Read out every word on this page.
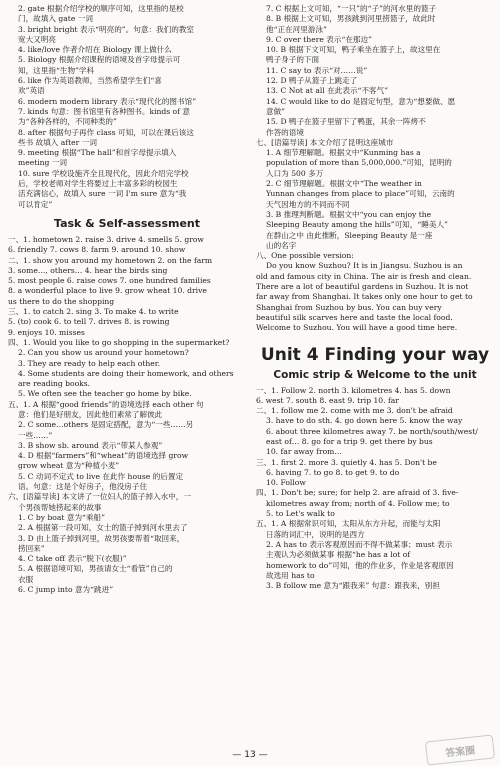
2. gate 根据介绍学校的顺序可知，这里指的是校
门，故填入 gate 一词
3. bright bright 表示“明亮的”。句意：我们的教室
宽大又明亮
4. like/love 作者介绍在 Biology 课上做什么
5. Biology 根据介绍课程的语境及首字母提示可
知，这里指“生物”学科
6. like 作为英语教师，当然希望学生们“喜
欢”英语
6. modern modern library 表示“现代化的图书馆”
7. kinds 句意：图书馆里有各种图书。kinds of 意
为“各种各样的，不同种类的”
8. after 根据句子再作 class 可知，可以在课后该这
些书 故填入 after 一词
9. meeting 根据“The hall”和首字母提示填入
meeting 一词
10. sure 学校设施齐全且现代化，因此介绍完学校
后，学校老师对学生将要过上丰富多彩的校园生
活充满信心，故填入 sure 一词 I'm sure 意为“我
可以肯定”
Task & Self-assessment
一、1. hometown 2. raise 3. drive 4. smells 5. grow
6. friendly 7. cows 8. farm 9. around 10. show
二、1. show you around my hometown 2. on the farm
3. some…, others… 4. hear the birds sing
5. most people 6. raise cows 7. one hundred families
8. a wonderful place to live 9. grow wheat 10. drive
us there to do the shopping
三、1. to catch 2. sing 3. To make 4. to write
5. (to) cook 6. to tell 7. drives 8. is rowing
9. enjoys 10. misses
四、1. Would you like to go shopping in the supermarket?
2. Can you show us around your hometown?
3. They are ready to help each other.
4. Some students are doing their homework, and others
are reading books.
5. We often see the teacher go home by bike.
五、1. A 根据“good friends”的语境选择 each other 句
意：他们是好朋友，因此他们素常了解彼此
2. C some…others 是固定搭配，意为“一些……另
一些……”
3. B show sb. around 表示“带某人参观”
4. D 根据“farmers”和“wheat”的语境选择 grow
grow wheat 意为“种植小麦”
5. C 动词不定式 to live 在此作 house 的后置定
语。句意：这是个好房子，他没房子住
六、[语篇导读] 本文讲了一位妇人的篮子掉入水中，一
个男孩帮她捞起来的故事
1. C by boat 意为“乘船”
2. A 根据第一段可知，女士的篮子掉到河水里去了
3. D 由上篮子掉到河里，故男孩要帮着“取回来，
捞回来”
4. C take off 表示“脱下(衣服)”
5. A 根据语境可知，男孩请女士“看管”自己的
衣服
6. C jump into 意为“跳进”
7. C 根据上文可知，“一只”的“子”的河水里的篮子
8. B 根据上文可知，男孩跳到河里捞篮子，故此时
他“正在河里游泳”
9. C over there 表示“在那边”
10. B 根据下文可知，鸭子乘坐在篮子上，故这里在
鸭子身子的下面
11. C say to 表示“对……说”
12. D 鸭子从篮子上跳走了
13. C Not at all 在此表示“不客气”
14. C would like to do 是固定句型，意为“想要做、愿
意做”
15. D 鸭子在篮子里留下了鸭蛋，其余一阵烤不
作答的语境
七、[语篇导读] 本文介绍了昆明这座城市
1. A 细节理解题。根据文中“Kunming has a
population of more than 5,000,000.”可知，昆明的
人口为 500 多万
2. C 细节理解题。根据文中“The weather in
Yunnan changes from place to place”可知，云南的
天气因地方的不同而不同
3. B 推理判断题。根据文中“you can enjoy the
Sleeping Beauty among the hills”可知，“睡美人”
在群山之中 由此推断，Sleeping Beauty 是一座
山的名字
八、One possible version:
Do you know Suzhou? It is in Jiangsu. Suzhou is an
old and famous city in China. The air is fresh and clean.
There are a lot of beautiful gardens in Suzhou. It is not
far away from Shanghai. It takes only one hour to get to
Shanghai from Suzhou by bus. You can buy very
beautiful silk scarves here and taste the local food.
Welcome to Suzhou. You will have a good time here.
Unit 4 Finding your way
Comic strip & Welcome to the unit
一、1. Follow 2. north 3. kilometres 4. has 5. down
6. west 7. south 8. east 9. trip 10. far
二、1. follow me 2. come with me 3. don't be afraid
3. have to do sth. 4. go down here 5. know the way
6. about three kilometres away 7. be north/south/west/
east of… 8. go for a trip 9. get there by bus
10. far away from…
三、1. first 2. more 3. quietly 4. has 5. Don't be
6. having 7. to go 8. to get 9. to do
10. Follow
四、1. Don't be; sure; for help 2. are afraid of 3. five-
kilometres away from; north of 4. Follow me; to
5. to Let's walk to
五、1. A 根据常识可知，太阳从东方升起，而能与太阳
日落的词汇中，说明的是西方
2. A has to 表示客观原因而不得不做某事；must 表示
主观认为必须做某事 根据“he has a lot of
homework to do”可知，他的作业多，作业是客观原因
故选用 has to
3. B follow me 意为“跟我来” 句意：跟我来，别担
— 13 —	答案圈
